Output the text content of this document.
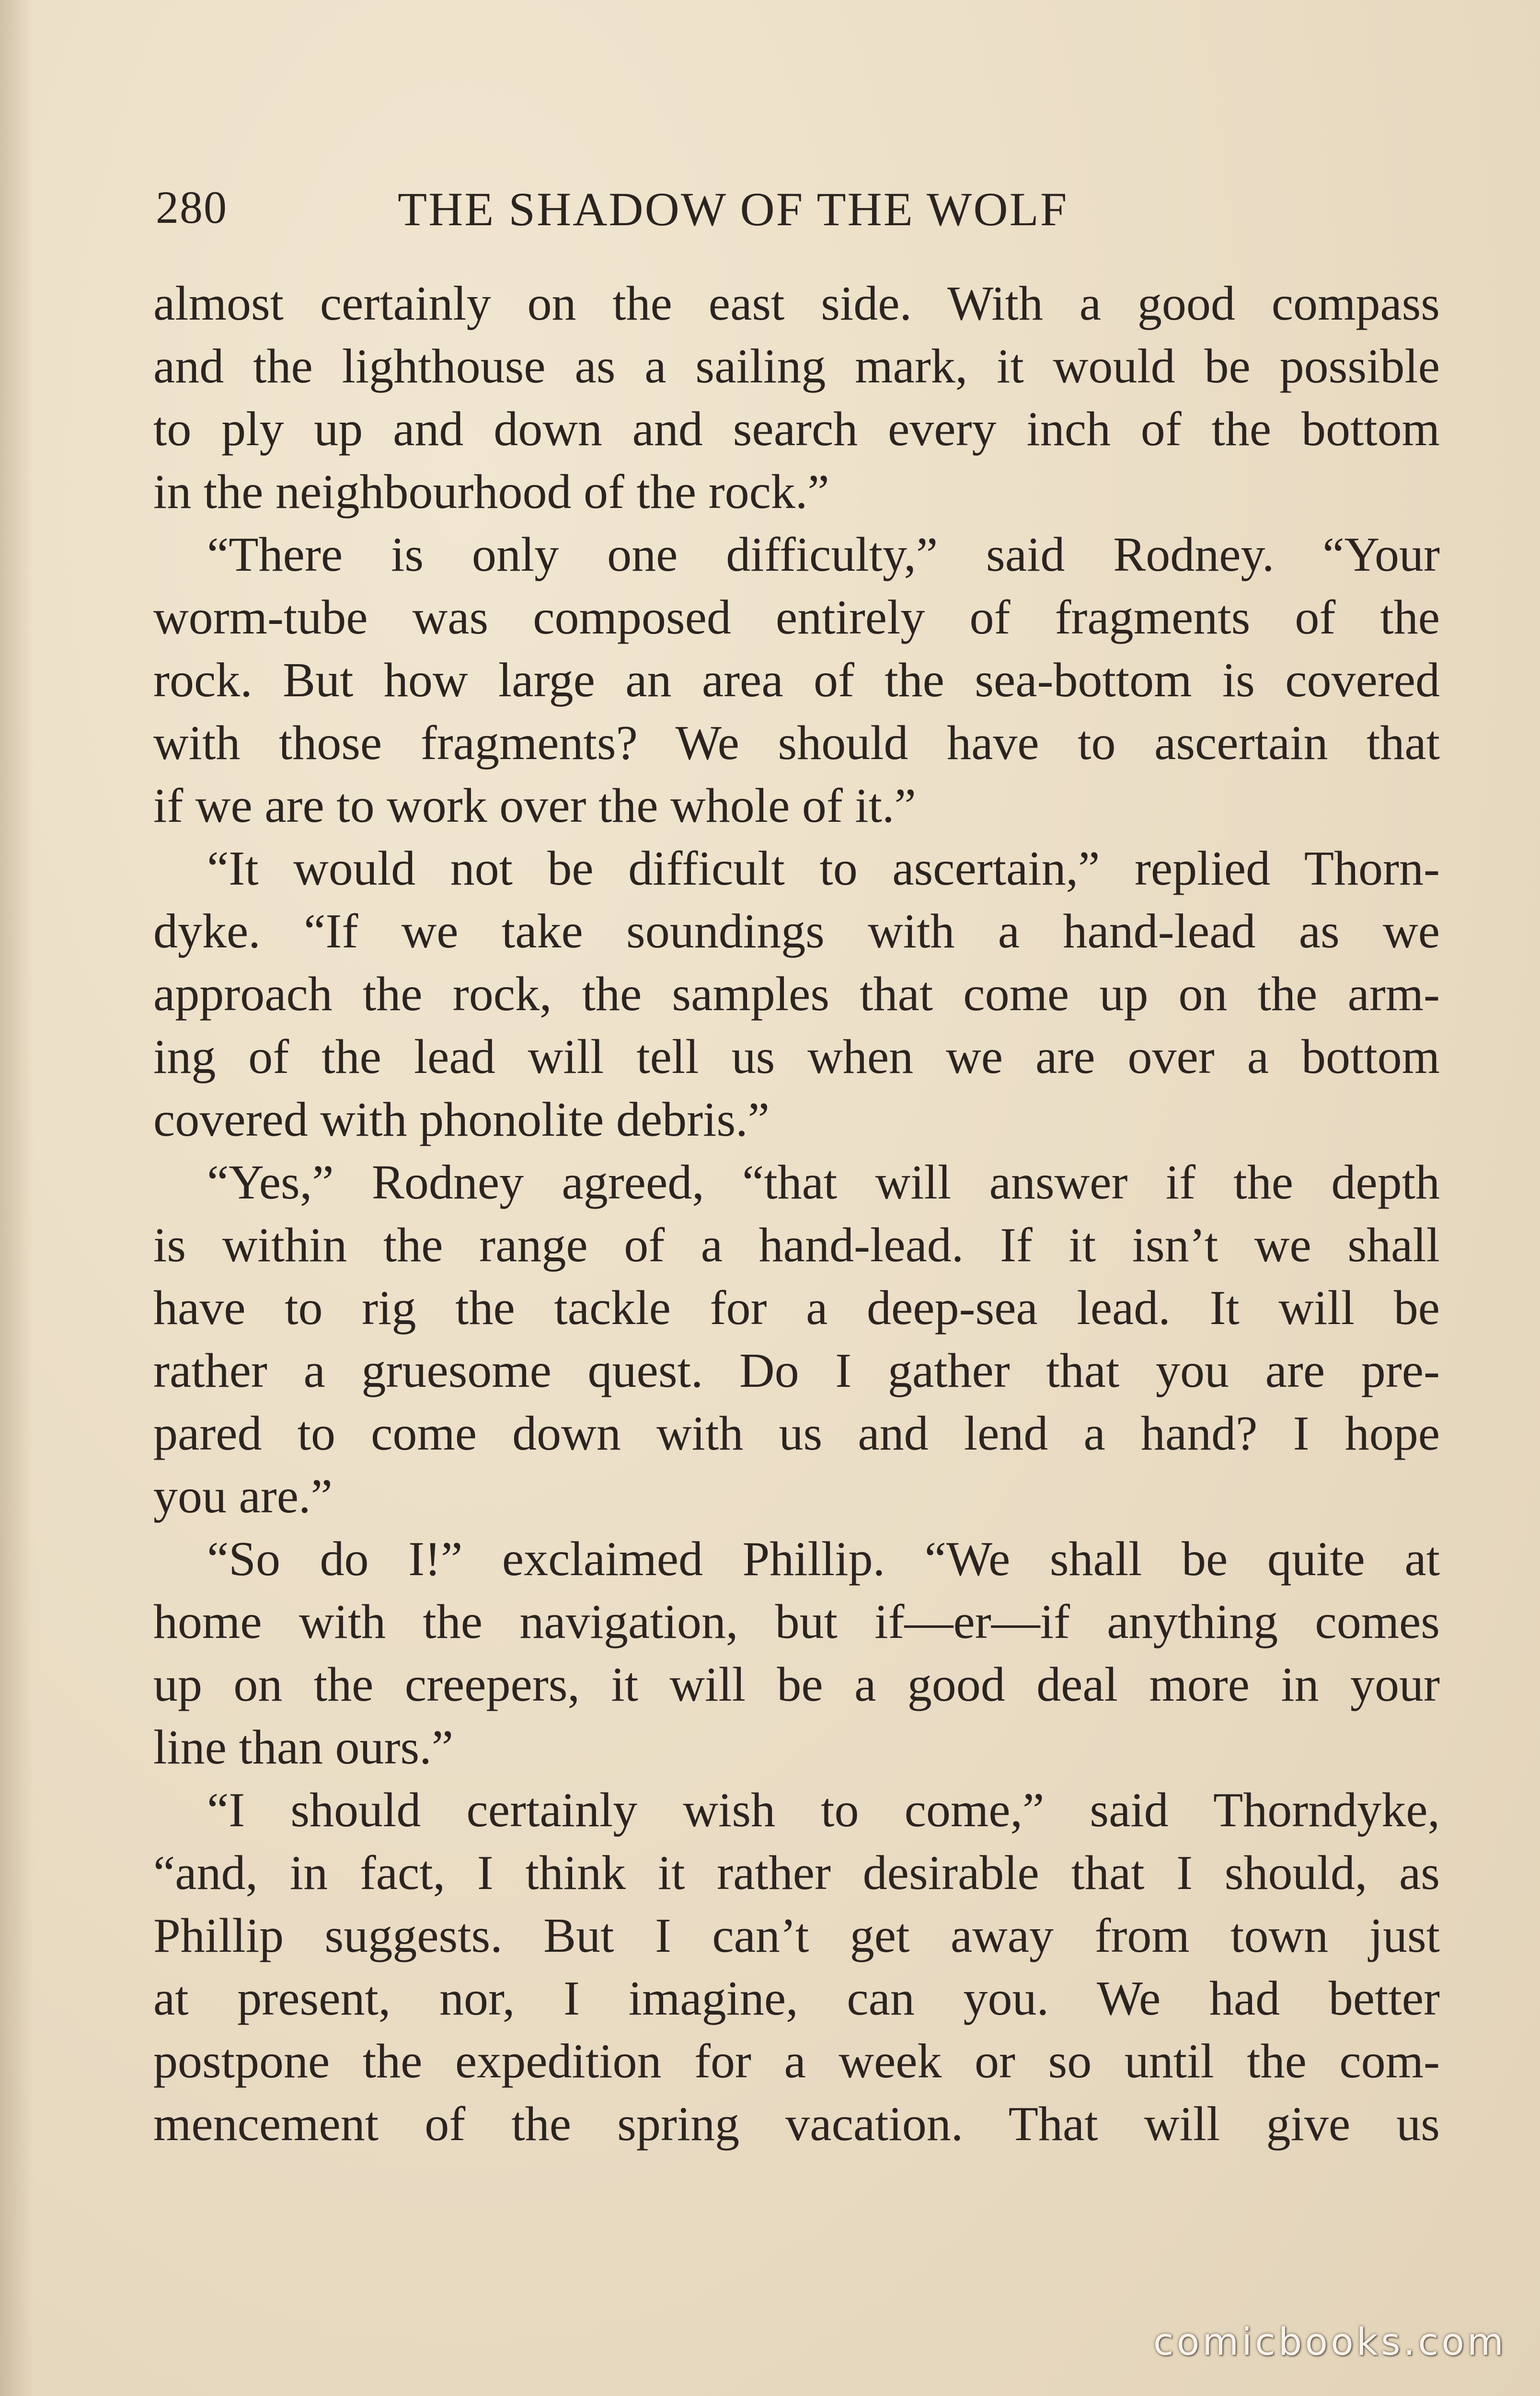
280	THE SHADOW OF THE WOLF
almost certainly on the east side. With a good compass
and the lighthouse as a sailing mark, it would be possible
to ply up and down and search every inch of the bottom
in the neighbourhood of the rock.”
“There is only one difficulty,” said Rodney. “Your
worm-tube was composed entirely of fragments of the
rock. But how large an area of the sea-bottom is covered
with those fragments? We should have to ascertain that
if we are to work over the whole of it.”
“It would not be difficult to ascertain,” replied Thorn-
dyke. “If we take soundings with a hand-lead as we
approach the rock, the samples that come up on the arm-
ing of the lead will tell us when we are over a bottom
covered with phonolite debris.”
“Yes,” Rodney agreed, “that will answer if the depth
is within the range of a hand-lead. If it isn’t we shall
have to rig the tackle for a deep-sea lead. It will be
rather a gruesome quest. Do I gather that you are pre-
pared to come down with us and lend a hand? I hope
you are.”
“So do I!” exclaimed Phillip. “We shall be quite at
home with the navigation, but if—er—if anything comes
up on the creepers, it will be a good deal more in your
line than ours.”
“I should certainly wish to come,” said Thorndyke,
“and, in fact, I think it rather desirable that I should, as
Phillip suggests. But I can’t get away from town just
at present, nor, I imagine, can you. We had better
postpone the expedition for a week or so until the com-
mencement of the spring vacation. That will give us
comicbooks.com
